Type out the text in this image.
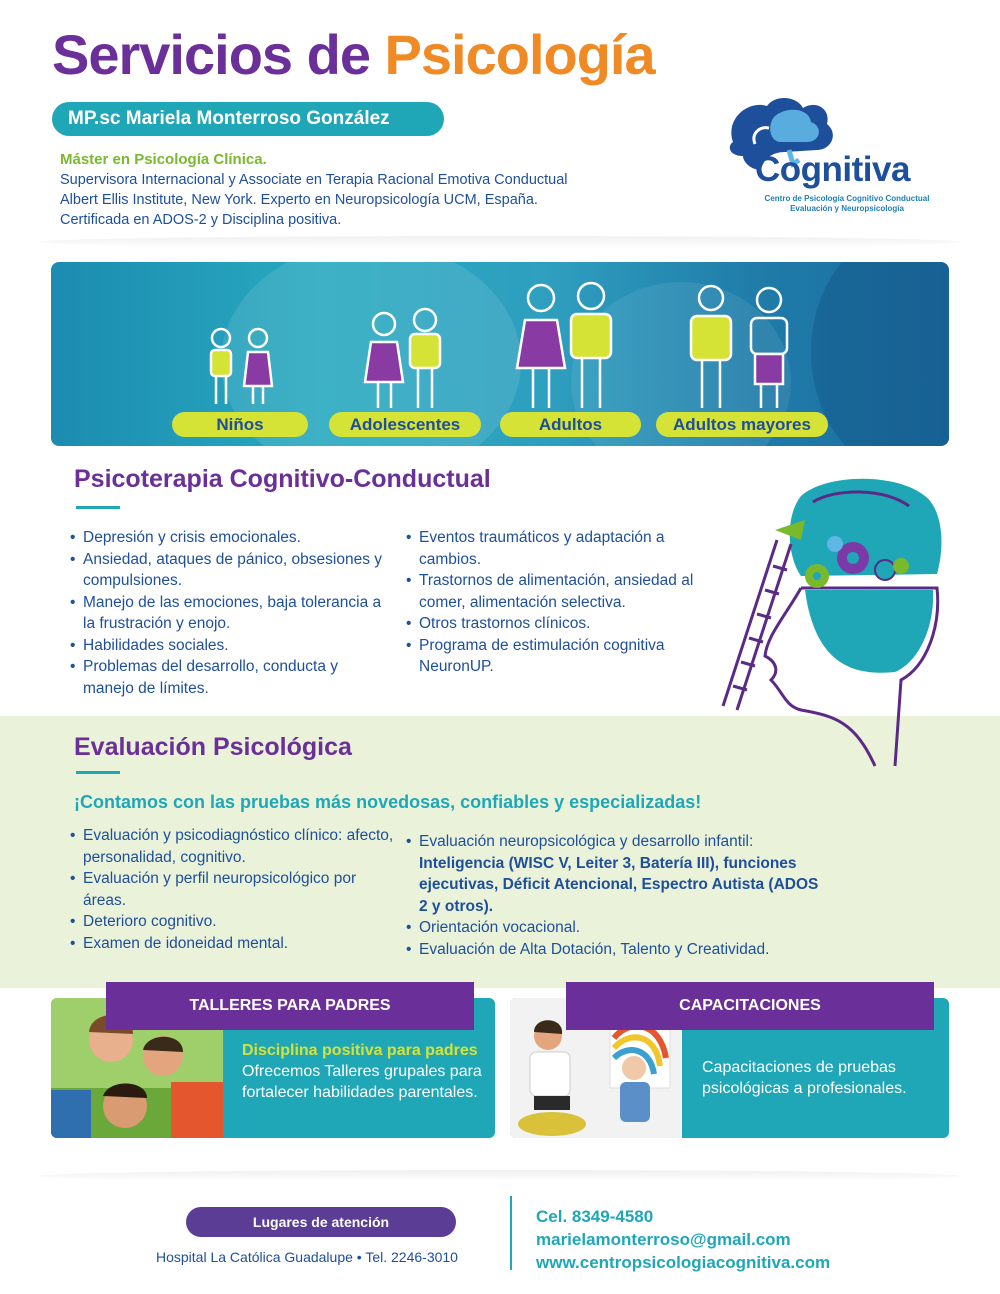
Servicios de Psicología
MP.sc Mariela Monterroso González
Máster en Psicología Clínica.
Supervisora Internacional y Associate en Terapia Racional Emotiva Conductual
Albert Ellis Institute, New York. Experto en Neuropsicología UCM, España.
Certificada en ADOS-2 y Disciplina positiva.
Cognitiva
Centro de Psicología Cognitivo Conductual
Evaluación y Neuropsicología
Niños	Adolescentes	Adultos	Adultos mayores
Psicoterapia Cognitivo-Conductual
• Depresión y crisis emocionales.
• Ansiedad, ataques de pánico, obsesiones y compulsiones.
• Manejo de las emociones, baja tolerancia a la frustración y enojo.
• Habilidades sociales.
• Problemas del desarrollo, conducta y manejo de límites.
• Eventos traumáticos y adaptación a cambios.
• Trastornos de alimentación, ansiedad al comer, alimentación selectiva.
• Otros trastornos clínicos.
• Programa de estimulación cognitiva NeuronUP.
Evaluación Psicológica
¡Contamos con las pruebas más novedosas, confiables y especializadas!
• Evaluación y psicodiagnóstico clínico: afecto, personalidad, cognitivo.
• Evaluación y perfil neuropsicológico por áreas.
• Deterioro cognitivo.
• Examen de idoneidad mental.
• Evaluación neuropsicológica y desarrollo infantil:
Inteligencia (WISC V, Leiter 3, Batería III), funciones ejecutivas, Déficit Atencional, Espectro Autista (ADOS 2 y otros).
• Orientación vocacional.
• Evaluación de Alta Dotación, Talento y Creatividad.
TALLERES PARA PADRES
Disciplina positiva para padres
Ofrecemos Talleres grupales para fortalecer habilidades parentales.
CAPACITACIONES
Capacitaciones de pruebas psicológicas a profesionales.
Lugares de atención
Hospital La Católica Guadalupe • Tel. 2246-3010
Cel. 8349-4580
marielamonterroso@gmail.com
www.centropsicologiacognitiva.com
